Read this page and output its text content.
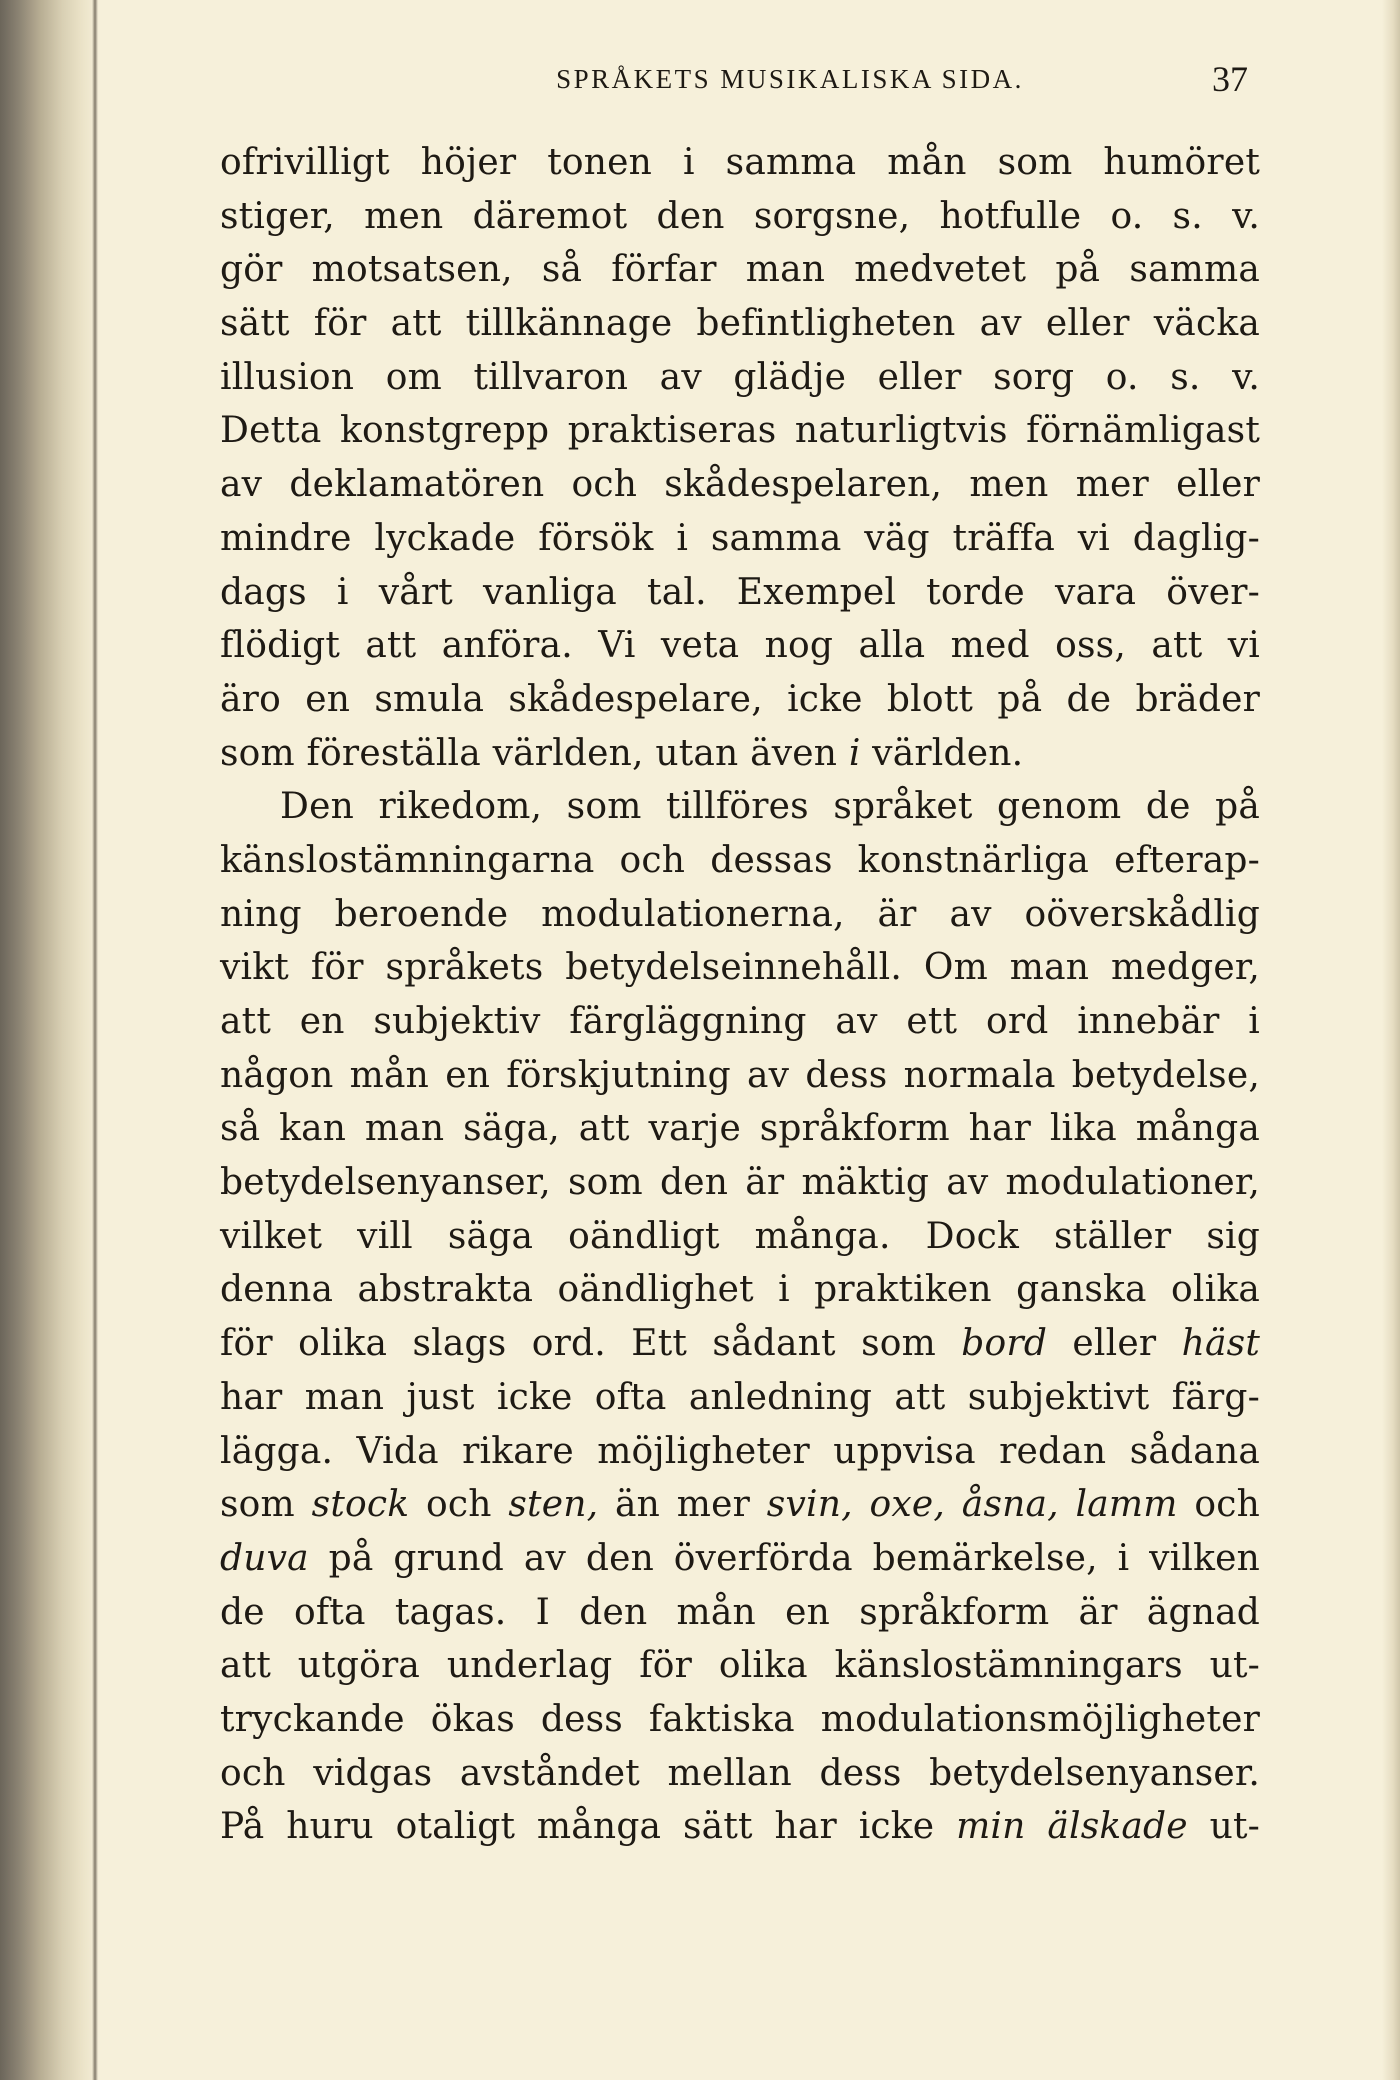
SPRÅKETS MUSIKALISKA SIDA.	37
ofrivilligt höjer tonen i samma mån som humöret
stiger, men däremot den sorgsne, hotfulle o. s. v.
gör motsatsen, så förfar man medvetet på samma
sätt för att tillkännage befintligheten av eller väcka
illusion om tillvaron av glädje eller sorg o. s. v.
Detta konstgrepp praktiseras naturligtvis förnämligast
av deklamatören och skådespelaren, men mer eller
mindre lyckade försök i samma väg träffa vi daglig-
dags i vårt vanliga tal. Exempel torde vara över-
flödigt att anföra. Vi veta nog alla med oss, att vi
äro en smula skådespelare, icke blott på de bräder
som föreställa världen, utan även i världen.
Den rikedom, som tillföres språket genom de på
känslostämningarna och dessas konstnärliga efterap-
ning beroende modulationerna, är av oöverskådlig
vikt för språkets betydelseinnehåll. Om man medger,
att en subjektiv färgläggning av ett ord innebär i
någon mån en förskjutning av dess normala betydelse,
så kan man säga, att varje språkform har lika många
betydelsenyanser, som den är mäktig av modulationer,
vilket vill säga oändligt många. Dock ställer sig
denna abstrakta oändlighet i praktiken ganska olika
för olika slags ord. Ett sådant som bord eller häst
har man just icke ofta anledning att subjektivt färg-
lägga. Vida rikare möjligheter uppvisa redan sådana
som stock och sten, än mer svin, oxe, åsna, lamm och
duva på grund av den överförda bemärkelse, i vilken
de ofta tagas. I den mån en språkform är ägnad
att utgöra underlag för olika känslostämningars ut-
tryckande ökas dess faktiska modulationsmöjligheter
och vidgas avståndet mellan dess betydelsenyanser.
På huru otaligt många sätt har icke min älskade ut-
